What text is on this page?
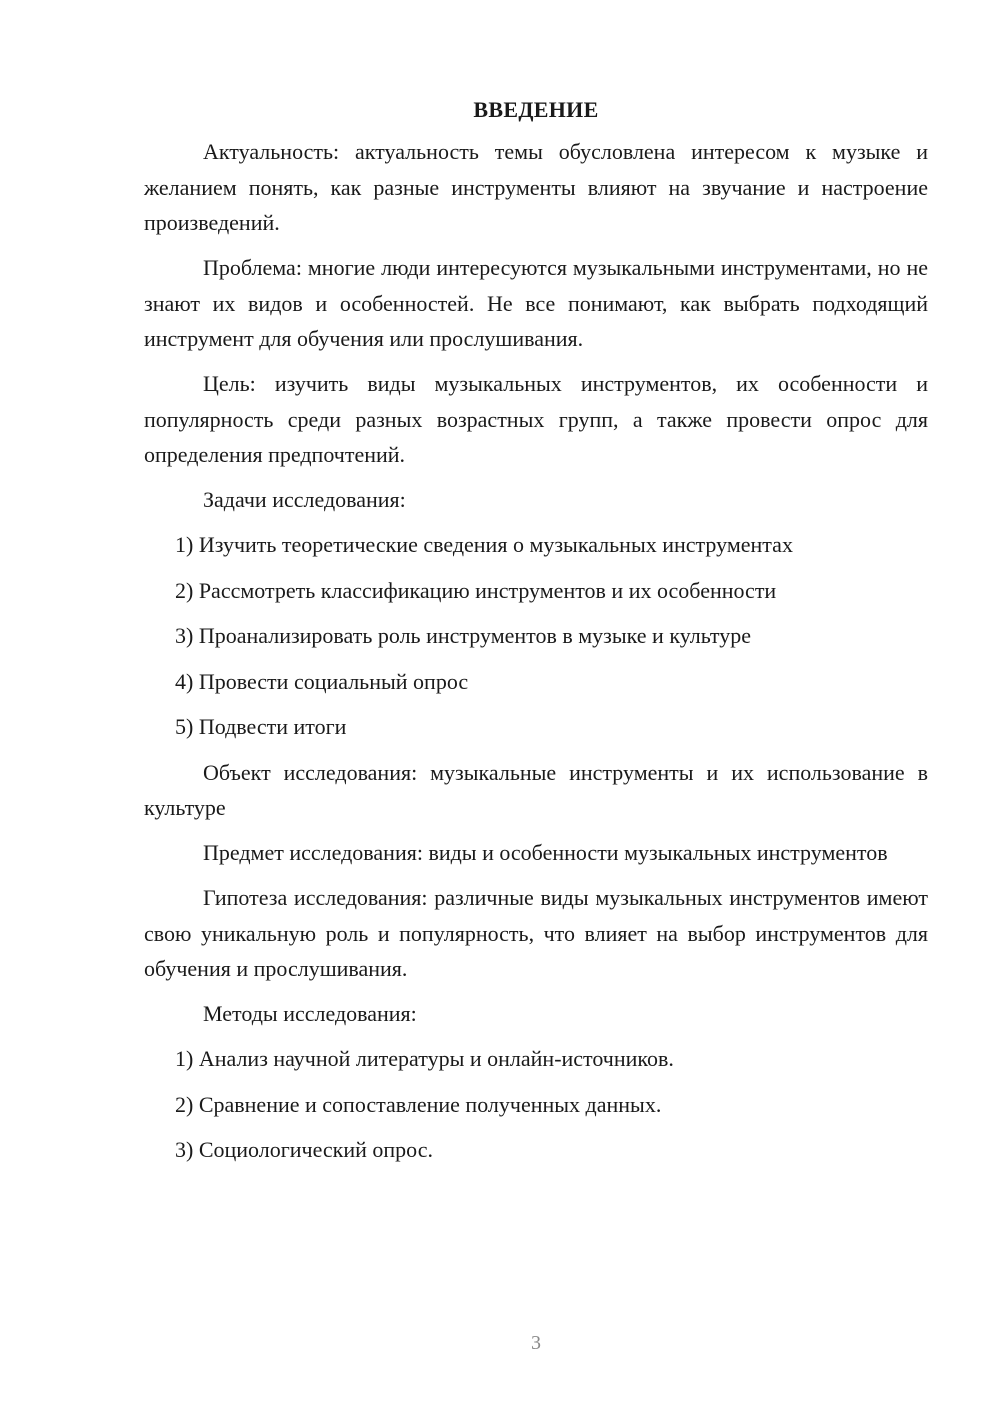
ВВЕДЕНИЕ

Актуальность: актуальность темы обусловлена интересом к музыке и желанием понять, как разные инструменты влияют на звучание и настроение произведений.

Проблема: многие люди интересуются музыкальными инструментами, но не знают их видов и особенностей. Не все понимают, как выбрать подходящий инструмент для обучения или прослушивания.

Цель: изучить виды музыкальных инструментов, их особенности и популярность среди разных возрастных групп, а также провести опрос для определения предпочтений.

Задачи исследования:

1) Изучить теоретические сведения о музыкальных инструментах
2) Рассмотреть классификацию инструментов и их особенности
3) Проанализировать роль инструментов в музыке и культуре
4) Провести социальный опрос
5) Подвести итоги

Объект исследования: музыкальные инструменты и их использование в культуре

Предмет исследования: виды и особенности музыкальных инструментов

Гипотеза исследования: различные виды музыкальных инструментов имеют свою уникальную роль и популярность, что влияет на выбор инструментов для обучения и прослушивания.

Методы исследования:

1) Анализ научной литературы и онлайн-источников.
2) Сравнение и сопоставление полученных данных.
3) Социологический опрос.
3
